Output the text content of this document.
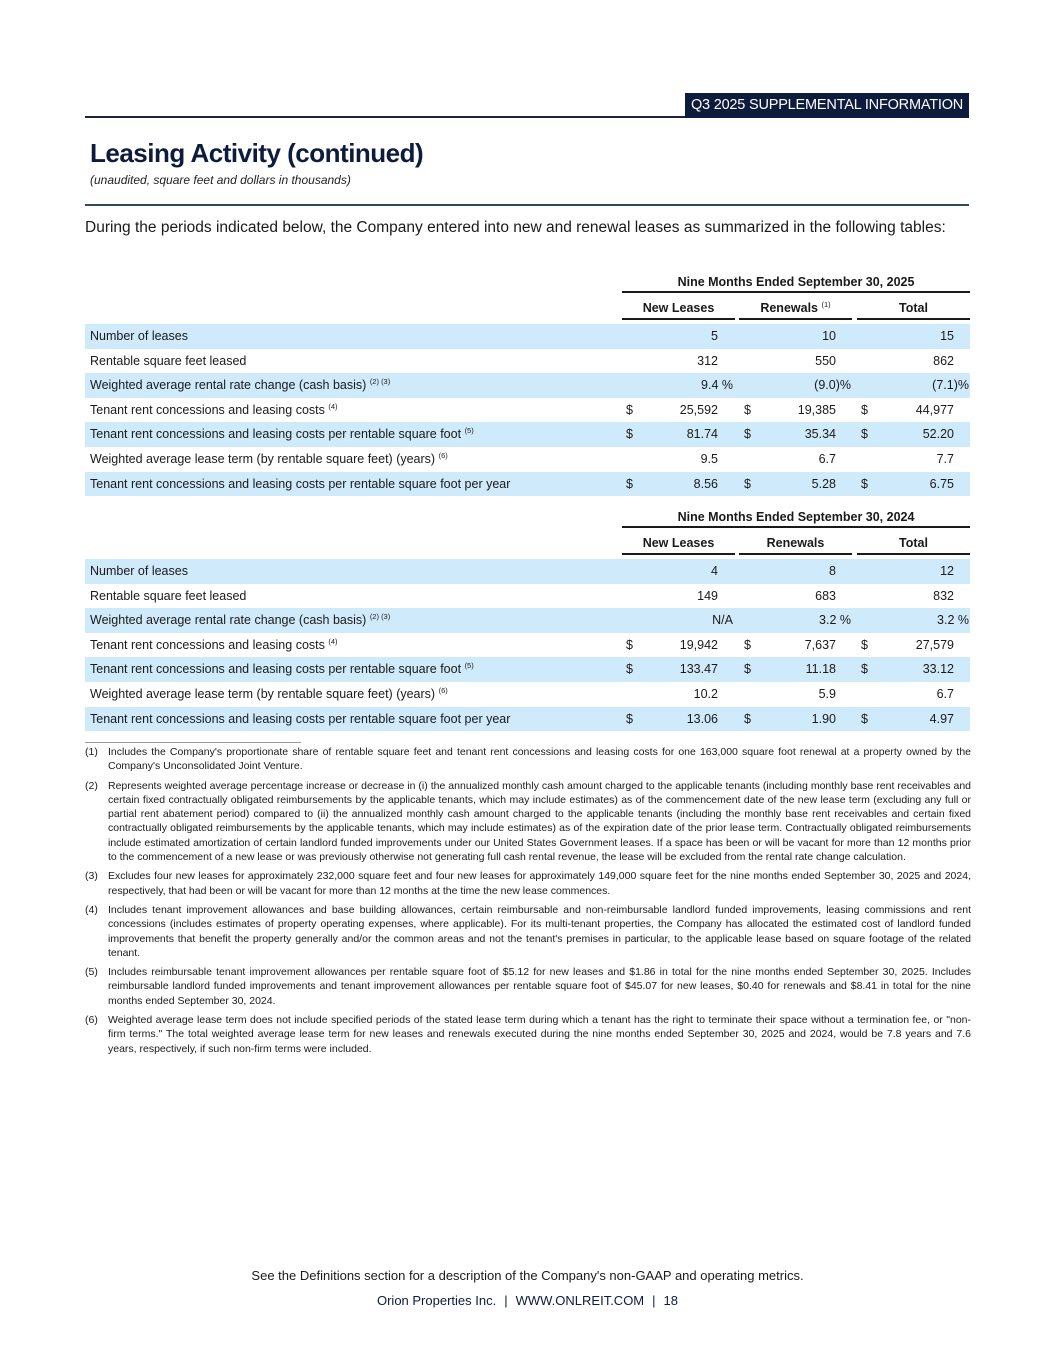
Q3 2025 SUPPLEMENTAL INFORMATION
Leasing Activity (continued)
(unaudited, square feet and dollars in thousands)

During the periods indicated below, the Company entered into new and renewal leases as summarized in the following tables:

Nine Months Ended September 30, 2025
New Leases	Renewals $^{(1)}$	Total
Number of leases	5	10	15
Rentable square feet leased	312	550	862
Weighted average rental rate change (cash basis) $^{(2) (3)}$	9.4 %	(9.0)%	(7.1)%
Tenant rent concessions and leasing costs $^{(4)}$	$	25,592 $	19,385 $	44,977
Tenant rent concessions and leasing costs per rentable square foot $^{(5)}$	$	81.74 $	35.34 $	52.20
Weighted average lease term (by rentable square feet) (years) $^{(6)}$	9.5	6.7	7.7
Tenant rent concessions and leasing costs per rentable square foot per year	$	8.56 $	5.28 $	6.75
Nine Months Ended September 30, 2024
New Leases	Renewals	Total
Number of leases	4	8	12
Rentable square feet leased	149	683	832
Weighted average rental rate change (cash basis) $^{(2) (3)}$	N/A	3.2 %	3.2 %
Tenant rent concessions and leasing costs $^{(4)}$	$	19,942 $	7,637 $	27,579
Tenant rent concessions and leasing costs per rentable square foot $^{(5)}$	$	133.47 $	11.18 $	33.12
Weighted average lease term (by rentable square feet) (years) $^{(6)}$	10.2	5.9	6.7
Tenant rent concessions and leasing costs per rentable square foot per year	$	13.06 $	1.90 $	4.97
(1) Includes the Company's proportionate share of rentable square feet and tenant rent concessions and leasing costs for one 163,000 square foot renewal at a property owned by the Company's Unconsolidated Joint Venture.
(2) Represents weighted average percentage increase or decrease in (i) the annualized monthly cash amount charged to the applicable tenants (including monthly base rent receivables and certain fixed contractually obligated reimbursements by the applicable tenants, which may include estimates) as of the commencement date of the new lease term (excluding any full or partial rent abatement period) compared to (ii) the annualized monthly cash amount charged to the applicable tenants (including the monthly base rent receivables and certain fixed contractually obligated reimbursements by the applicable tenants, which may include estimates) as of the expiration date of the prior lease term. Contractually obligated reimbursements include estimated amortization of certain landlord funded improvements under our United States Government leases. If a space has been or will be vacant for more than 12 months prior to the commencement of a new lease or was previously otherwise not generating full cash rental revenue, the lease will be excluded from the rental rate change calculation.
(3) Excludes four new leases for approximately 232,000 square feet and four new leases for approximately 149,000 square feet for the nine months ended September 30, 2025 and 2024, respectively, that had been or will be vacant for more than 12 months at the time the new lease commences.
(4) Includes tenant improvement allowances and base building allowances, certain reimbursable and non-reimbursable landlord funded improvements, leasing commissions and rent concessions (includes estimates of property operating expenses, where applicable). For its multi-tenant properties, the Company has allocated the estimated cost of landlord funded improvements that benefit the property generally and/or the common areas and not the tenant's premises in particular, to the applicable lease based on square footage of the related tenant.
(5) Includes reimbursable tenant improvement allowances per rentable square foot of $5.12 for new leases and $1.86 in total for the nine months ended September 30, 2025. Includes reimbursable landlord funded improvements and tenant improvement allowances per rentable square foot of $45.07 for new leases, $0.40 for renewals and $8.41 in total for the nine months ended September 30, 2024.
(6) Weighted average lease term does not include specified periods of the stated lease term during which a tenant has the right to terminate their space without a termination fee, or "non-firm terms." The total weighted average lease term for new leases and renewals executed during the nine months ended September 30, 2025 and 2024, would be 7.8 years and 7.6 years, respectively, if such non-firm terms were included.
See the Definitions section for a description of the Company's non-GAAP and operating metrics.
Orion Properties Inc. | WWW.ONLREIT.COM | 18
